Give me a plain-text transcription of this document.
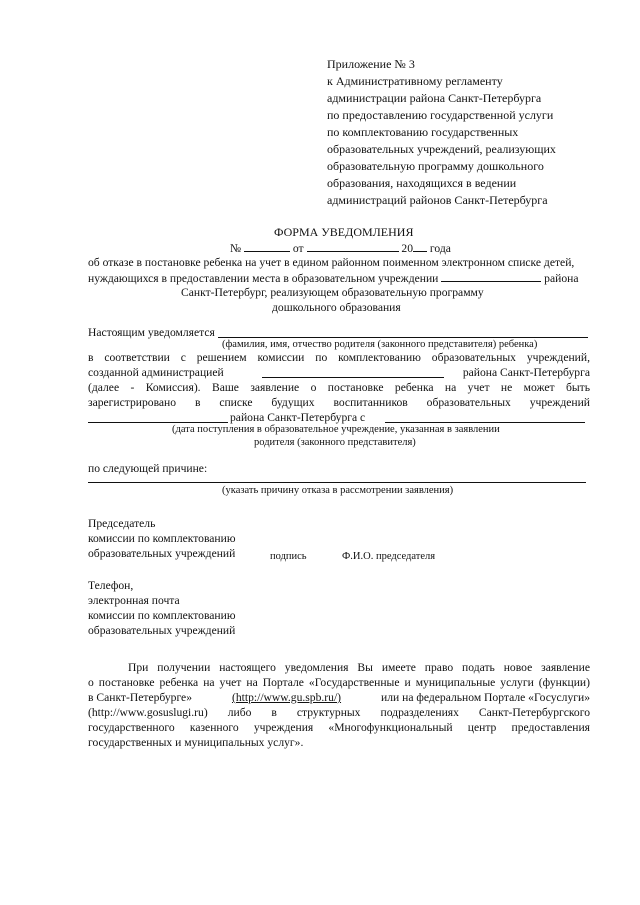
Приложение № 3
к Административному регламенту
администрации района Санкт-Петербурга
по предоставлению государственной услуги
по комплектованию государственных
образовательных учреждений, реализующих
образовательную программу дошкольного
образования, находящихся в ведении
администраций районов Санкт-Петербурга
ФОРМА УВЕДОМЛЕНИЯ
№	от	20 года
об отказе в постановке ребенка на учет в едином районном поименном электронном списке детей,
нуждающихся в предоставлении места в образовательном учреждении	района
Санкт-Петербург, реализующем образовательную программу
дошкольного образования
Настоящим уведомляется
(фамилия, имя, отчество родителя (законного представителя) ребенка)
в соответствии с решением комиссии по комплектованию образовательных учреждений,
созданной администрацией	района Санкт-Петербурга
(далее - Комиссия). Ваше заявление о постановке ребенка на учет не может быть
зарегистрировано в списке будущих воспитанников образовательных учреждений
района Санкт-Петербурга с
(дата поступления в образовательное учреждение, указанная в заявлении
родителя (законного представителя)
по следующей причине:
(указать причину отказа в рассмотрении заявления)
Председатель
комиссии по комплектованию
образовательных учреждений	подпись	Ф.И.О. председателя
Телефон,
электронная почта
комиссии по комплектованию
образовательных учреждений
При получении настоящего уведомления Вы имеете право подать новое заявление
о постановке ребенка на учет на Портале «Государственные и муниципальные услуги (функции)
в Санкт-Петербурге»	(http://www.gu.spb.ru/)	или на федеральном Портале «Госуслуги»
(http://www.gosuslugi.ru) либо в структурных подразделениях Санкт-Петербургского
государственного казенного учреждения «Многофункциональный центр предоставления
государственных и муниципальных услуг».
